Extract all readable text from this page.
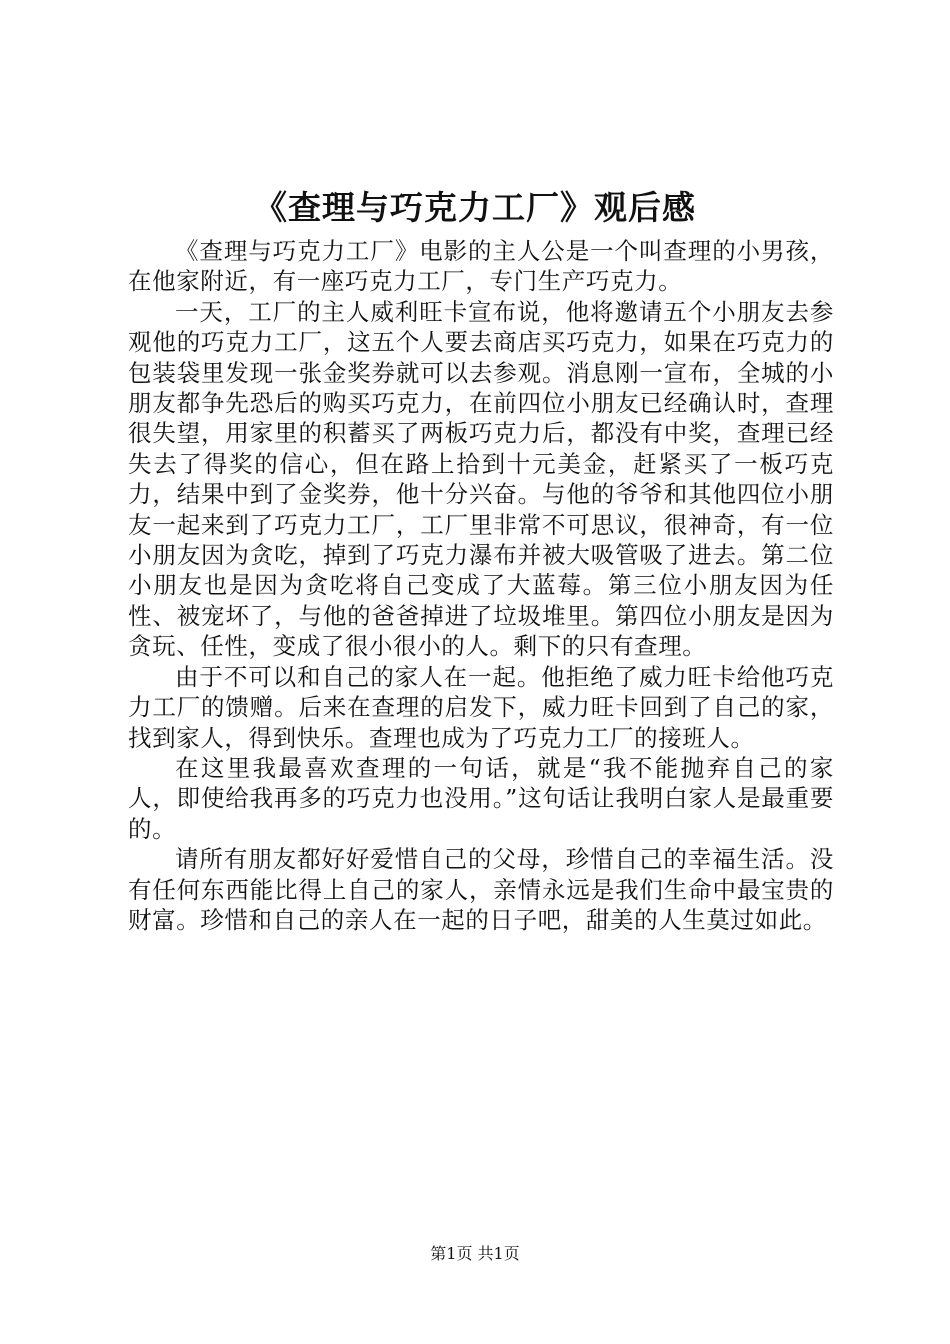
《查理与巧克力工厂》观后感

《查理与巧克力工厂》电影的主人公是一个叫查理的小男孩，在他家附近，有一座巧克力工厂，专门生产巧克力。

一天，工厂的主人威利旺卡宣布说，他将邀请五个小朋友去参观他的巧克力工厂，这五个人要去商店买巧克力，如果在巧克力的包装袋里发现一张金奖券就可以去参观。消息刚一宣布，全城的小朋友都争先恐后的购买巧克力，在前四位小朋友已经确认时，查理很失望，用家里的积蓄买了两板巧克力后，都没有中奖，查理已经失去了得奖的信心，但在路上拾到十元美金，赶紧买了一板巧克力，结果中到了金奖券，他十分兴奋。与他的爷爷和其他四位小朋友一起来到了巧克力工厂，工厂里非常不可思议，很神奇，有一位小朋友因为贪吃，掉到了巧克力瀑布并被大吸管吸了进去。第二位小朋友也是因为贪吃将自己变成了大蓝莓。第三位小朋友因为任性、被宠坏了，与他的爸爸掉进了垃圾堆里。第四位小朋友是因为贪玩、任性，变成了很小很小的人。剩下的只有查理。

由于不可以和自己的家人在一起。他拒绝了威力旺卡给他巧克力工厂的馈赠。后来在查理的启发下，威力旺卡回到了自己的家，找到家人，得到快乐。查理也成为了巧克力工厂的接班人。

在这里我最喜欢查理的一句话，就是“我不能抛弃自己的家人，即使给我再多的巧克力也没用。”这句话让我明白家人是最重要的。

请所有朋友都好好爱惜自己的父母，珍惜自己的幸福生活。没有任何东西能比得上自己的家人，亲情永远是我们生命中最宝贵的财富。珍惜和自己的亲人在一起的日子吧，甜美的人生莫过如此。

第1页 共1页
